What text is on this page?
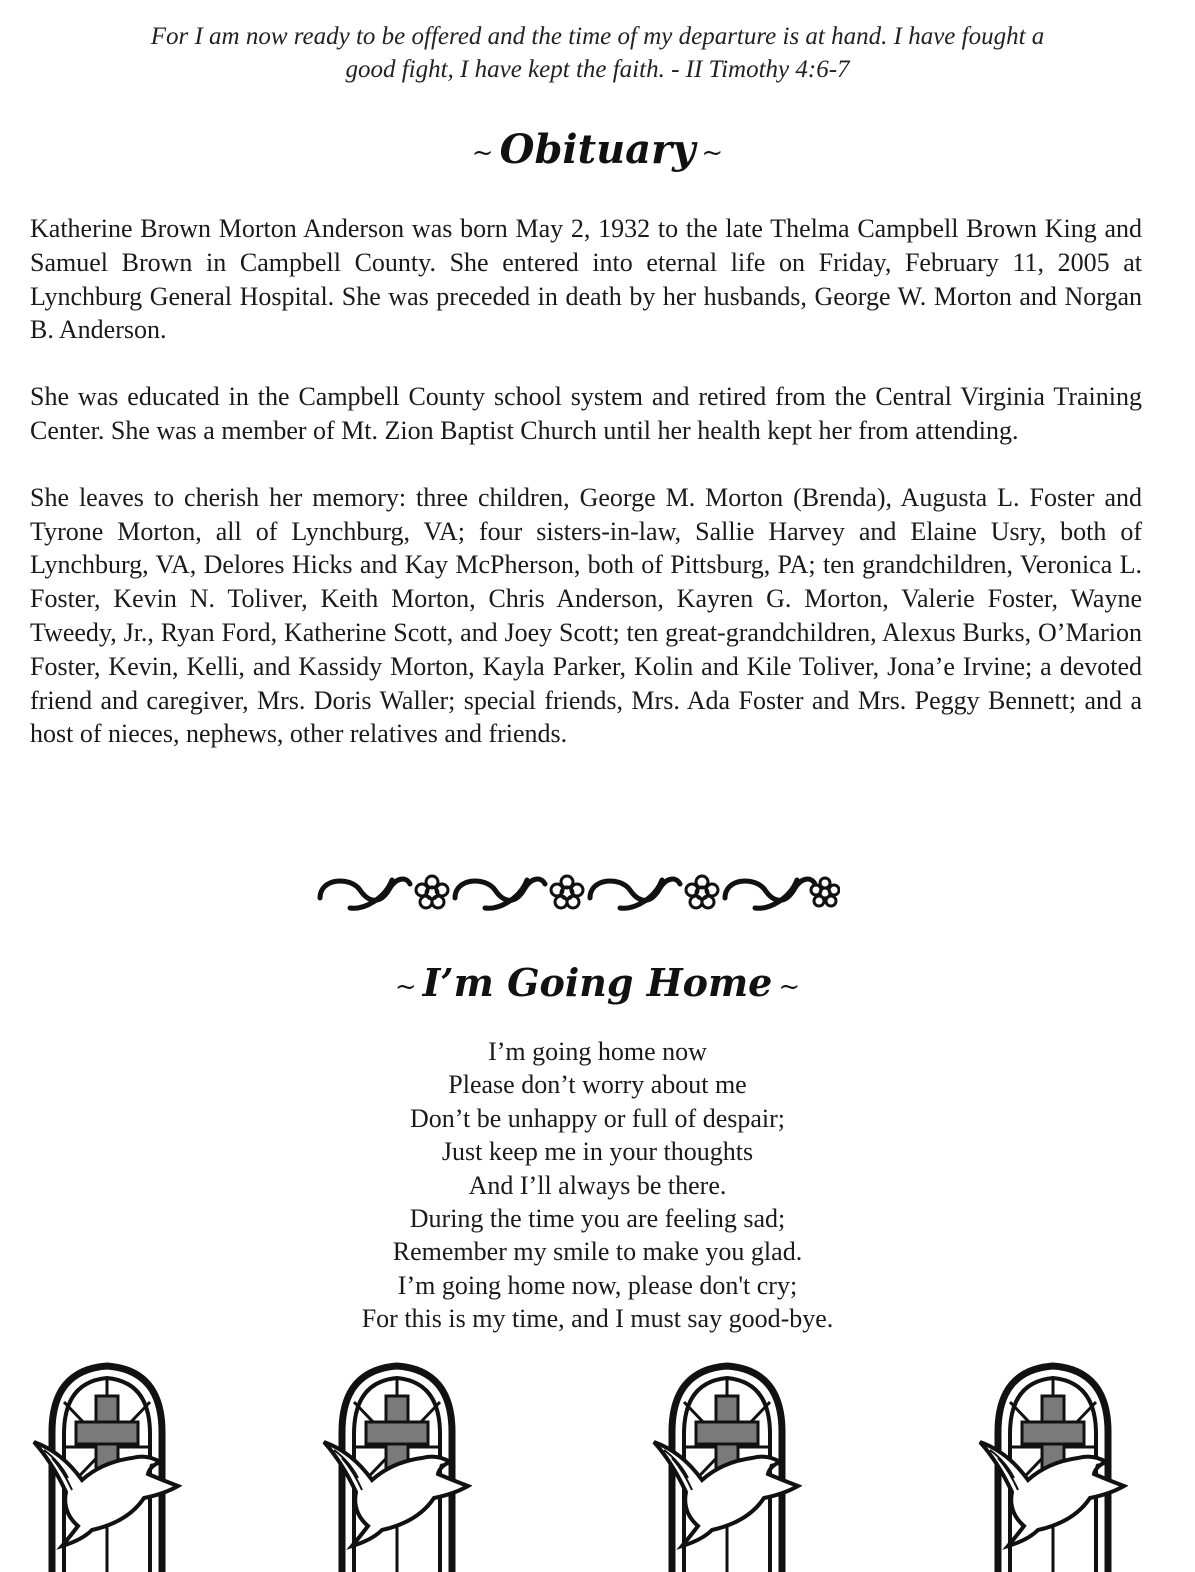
For I am now ready to be offered and the time of my departure is at hand. I have fought a
good fight, I have kept the faith. - II Timothy 4:6-7
~ Obituary ~

Katherine Brown Morton Anderson was born May 2, 1932 to the late Thelma Campbell Brown King and Samuel Brown in Campbell County. She entered into eternal life on Friday, February 11, 2005 at Lynchburg General Hospital. She was preceded in death by her husbands, George W. Morton and Norgan B. Anderson.

She was educated in the Campbell County school system and retired from the Central Virginia Training Center. She was a member of Mt. Zion Baptist Church until her health kept her from attending.

She leaves to cherish her memory: three children, George M. Morton (Brenda), Augusta L. Foster and Tyrone Morton, all of Lynchburg, VA; four sisters-in-law, Sallie Harvey and Elaine Usry, both of Lynchburg, VA, Delores Hicks and Kay McPherson, both of Pittsburg, PA; ten grandchildren, Veronica L. Foster, Kevin N. Toliver, Keith Morton, Chris Anderson, Kayren G. Morton, Valerie Foster, Wayne Tweedy, Jr., Ryan Ford, Katherine Scott, and Joey Scott; ten great-grandchildren, Alexus Burks, O’Marion Foster, Kevin, Kelli, and Kassidy Morton, Kayla Parker, Kolin and Kile Toliver, Jona’e Irvine; a devoted friend and caregiver, Mrs. Doris Waller; special friends, Mrs. Ada Foster and Mrs. Peggy Bennett; and a host of nieces, nephews, other relatives and friends.

~ I’m Going Home ~
I’m going home now
Please don’t worry about me
Don’t be unhappy or full of despair;
Just keep me in your thoughts
And I’ll always be there.
During the time you are feeling sad;
Remember my smile to make you glad.
I’m going home now, please don't cry;
For this is my time, and I must say good-bye.
